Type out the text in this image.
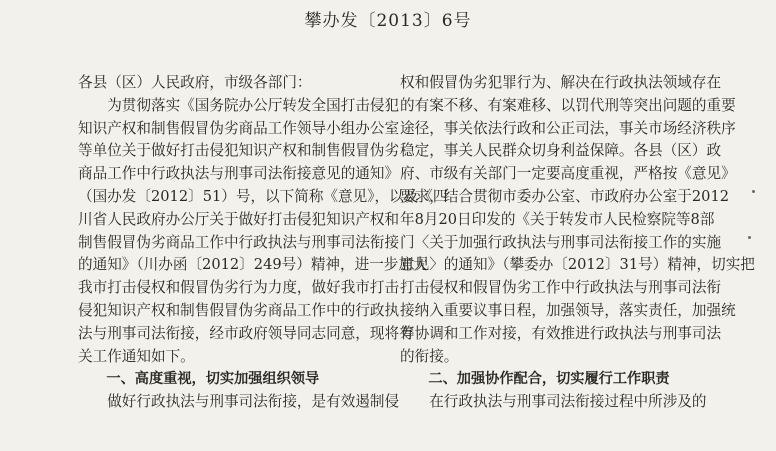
攀办发〔2013〕6号
各县（区）人民政府，市级各部门：
　　为贯彻落实《国务院办公厅转发全国打击侵犯
知识产权和制售假冒伪劣商品工作领导小组办公室
等单位关于做好打击侵犯知识产权和制售假冒伪劣
商品工作中行政执法与刑事司法衔接意见的通知》
（国办发〔2012〕51）号，以下简称《意见》，以及《四
川省人民政府办公厅关于做好打击侵犯知识产权和
制售假冒伪劣商品工作中行政执法与刑事司法衔接
的通知》（川办函〔2012〕249号）精神，进一步加大
我市打击侵权和假冒伪劣行为力度，做好我市打击
侵犯知识产权和制售假冒伪劣商品工作中的行政执
法与刑事司法衔接，经市政府领导同志同意，现将有
关工作通知如下。
　　一、高度重视，切实加强组织领导
　　做好行政执法与刑事司法衔接，是有效遏制侵
权和假冒伪劣犯罪行为、解决在行政执法领域存在
的有案不移、有案难移、以罚代刑等突出问题的重要
途径，事关依法行政和公正司法，事关市场经济秩序
稳定，事关人民群众切身利益保障。各县（区）政
府、市级有关部门一定要高度重视，严格按《意见》
要求，结合贯彻市委办公室、市政府办公室于2012
年8月20日印发的《关于转发市人民检察院等8部
门〈关于加强行政执法与刑事司法衔接工作的实施
意见〉的通知》（攀委办〔2012〕31号）精神，切实把
打击侵权和假冒伪劣工作中行政执法与刑事司法衔
接纳入重要议事日程，加强领导，落实责任，加强统
筹协调和工作对接，有效推进行政执法与刑事司法
的衔接。
　　二、加强协作配合，切实履行工作职责
　　在行政执法与刑事司法衔接过程中所涉及的
